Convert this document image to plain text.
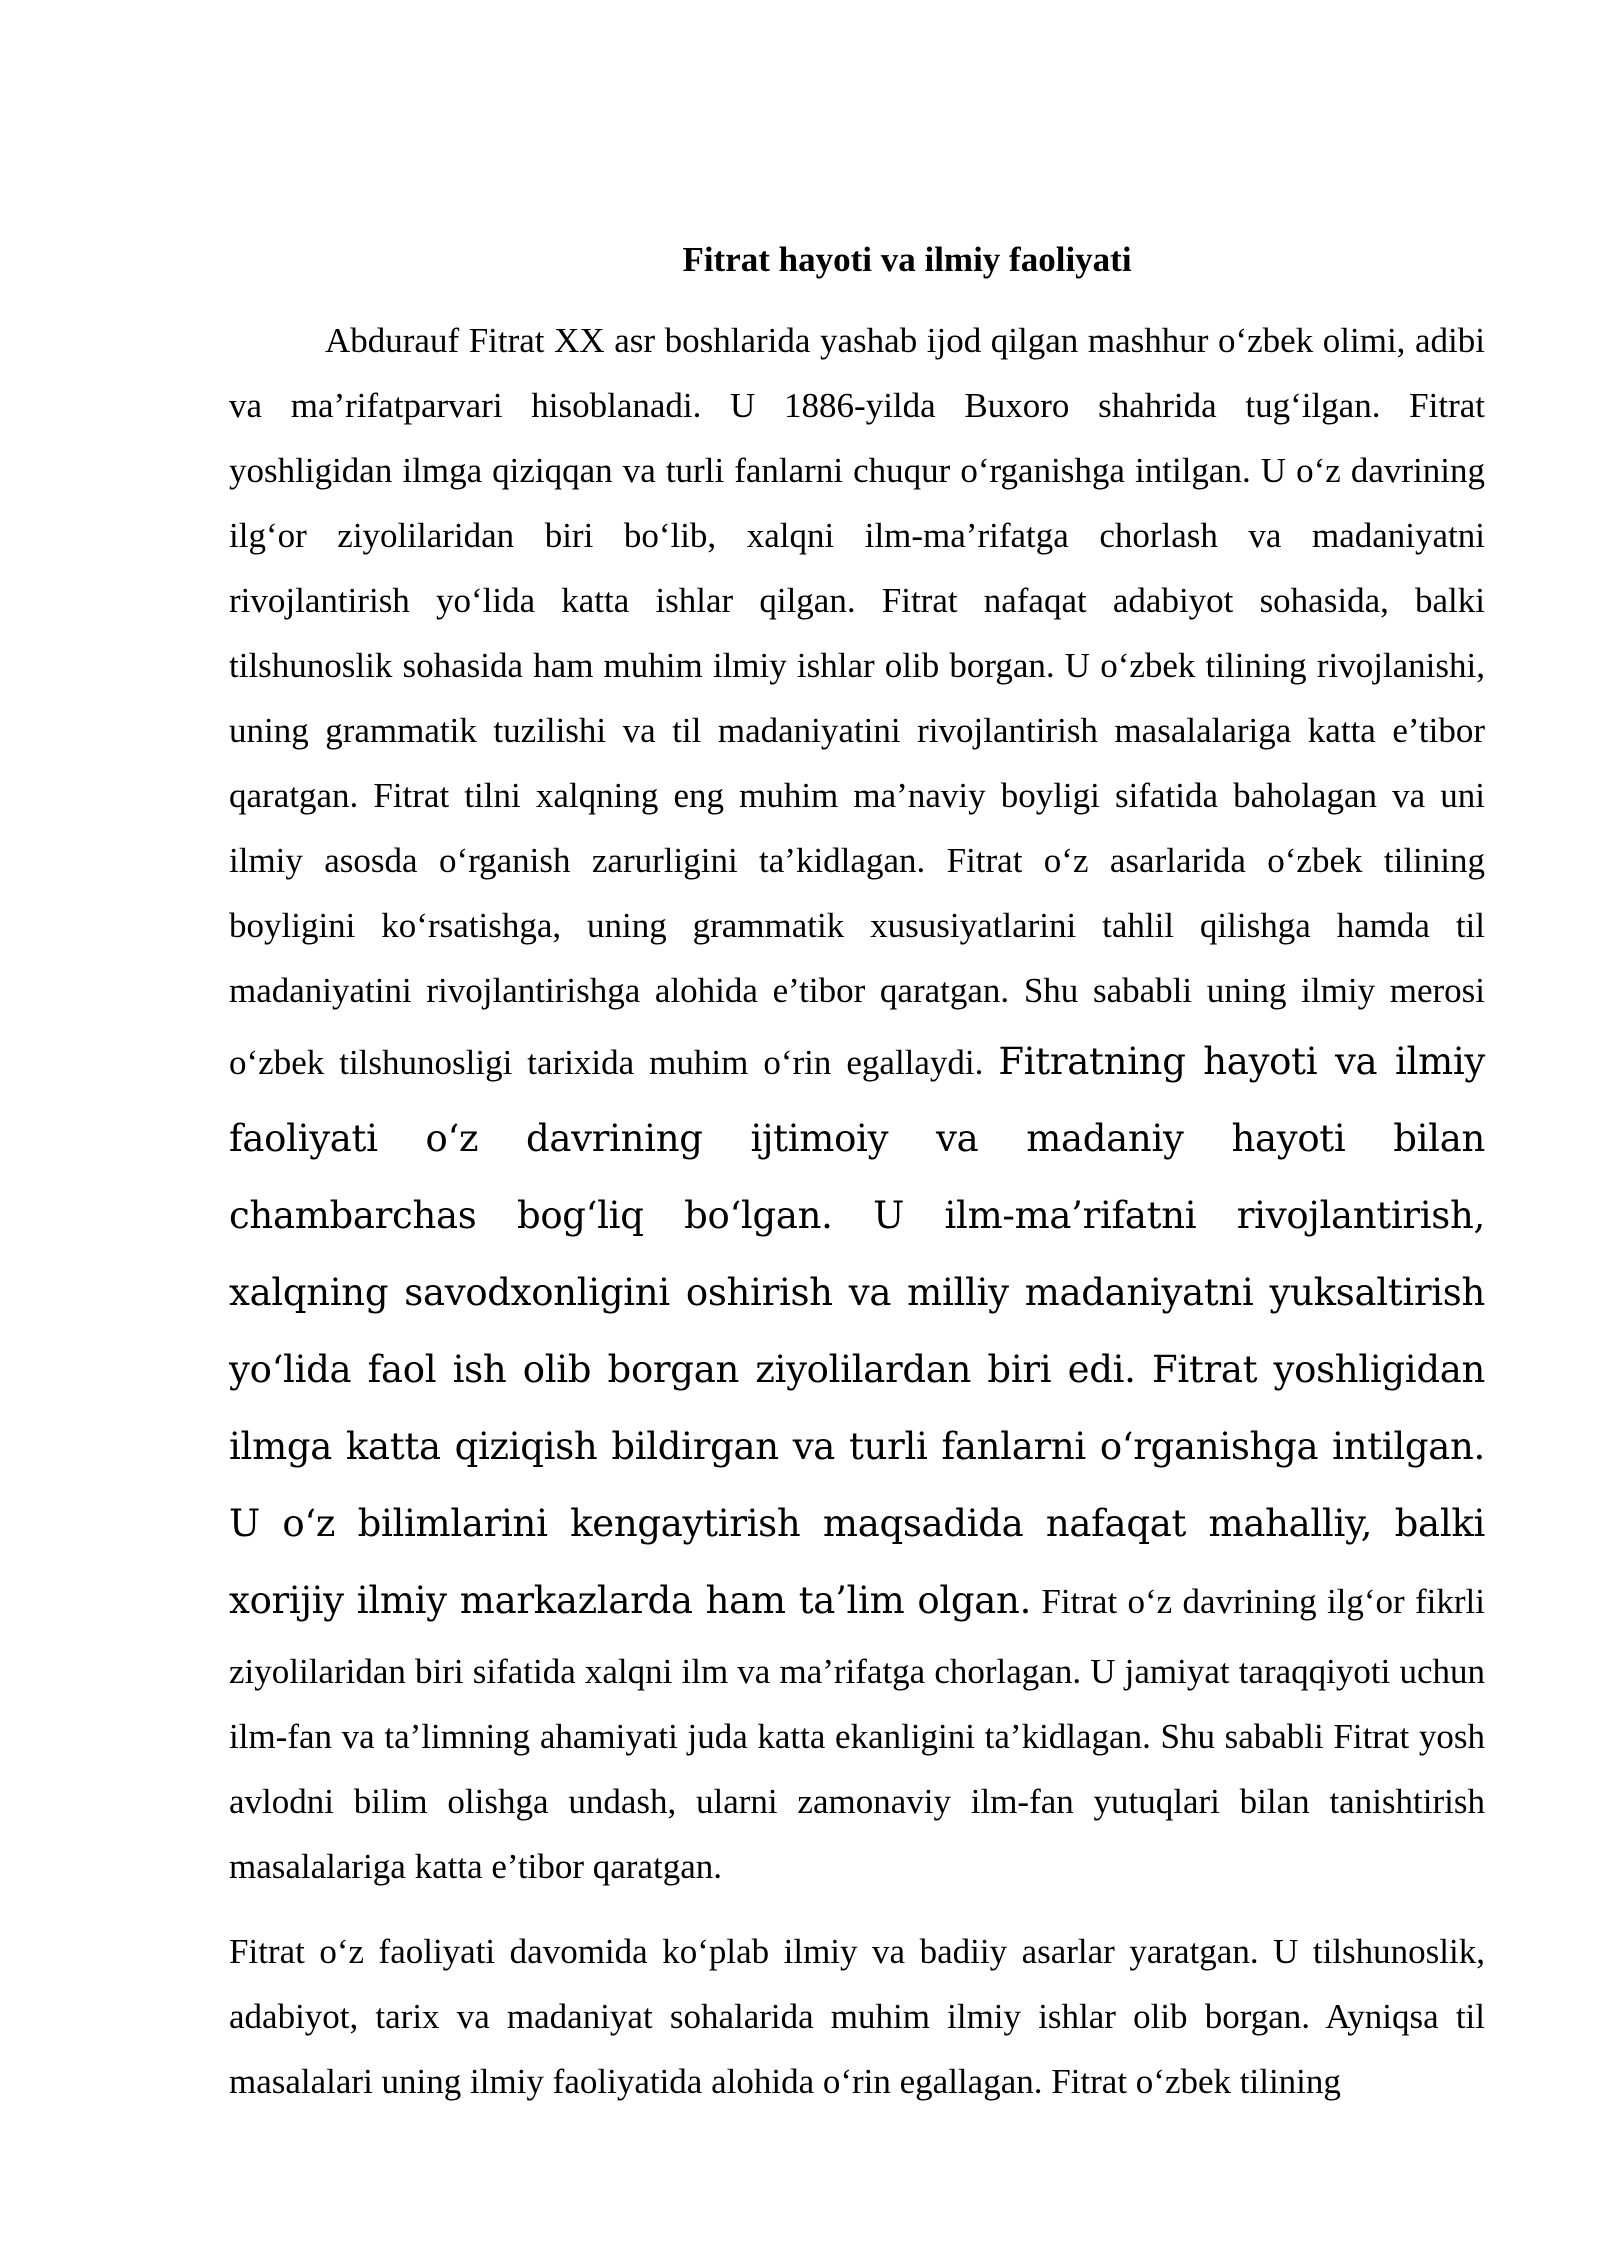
Fitrat hayoti va ilmiy faoliyati

Abdurauf Fitrat XX asr boshlarida yashab ijod qilgan mashhur o‘zbek olimi, adibi va ma’rifatparvari hisoblanadi. U 1886-yilda Buxoro shahrida tug‘ilgan. Fitrat yoshligidan ilmga qiziqqan va turli fanlarni chuqur o‘rganishga intilgan. U o‘z davrining ilg‘or ziyolilaridan biri bo‘lib, xalqni ilm-ma’rifatga chorlash va madaniyatni rivojlantirish yo‘lida katta ishlar qilgan. Fitrat nafaqat adabiyot sohasida, balki tilshunoslik sohasida ham muhim ilmiy ishlar olib borgan. U o‘zbek tilining rivojlanishi, uning grammatik tuzilishi va til madaniyatini rivojlantirish masalalariga katta e’tibor qaratgan. Fitrat tilni xalqning eng muhim ma’naviy boyligi sifatida baholagan va uni ilmiy asosda o‘rganish zarurligini ta’kidlagan. Fitrat o‘z asarlarida o‘zbek tilining boyligini ko‘rsatishga, uning grammatik xususiyatlarini tahlil qilishga hamda til madaniyatini rivojlantirishga alohida e’tibor qaratgan. Shu sababli uning ilmiy merosi o‘zbek tilshunosligi tarixida muhim o‘rin egallaydi. Fitratning hayoti va ilmiy faoliyati o‘z davrining ijtimoiy va madaniy hayoti bilan chambarchas bog‘liq bo‘lgan. U ilm-ma’rifatni rivojlantirish, xalqning savodxonligini oshirish va milliy madaniyatni yuksaltirish yo‘lida faol ish olib borgan ziyolilardan biri edi. Fitrat yoshligidan ilmga katta qiziqish bildirgan va turli fanlarni o‘rganishga intilgan. U o‘z bilimlarini kengaytirish maqsadida nafaqat mahalliy, balki xorijiy ilmiy markazlarda ham ta’lim olgan. Fitrat o‘z davrining ilg‘or fikrli ziyolilaridan biri sifatida xalqni ilm va ma’rifatga chorlagan. U jamiyat taraqqiyoti uchun ilm-fan va ta’limning ahamiyati juda katta ekanligini ta’kidlagan. Shu sababli Fitrat yosh avlodni bilim olishga undash, ularni zamonaviy ilm-fan yutuqlari bilan tanishtirish masalalariga katta e’tibor qaratgan.

Fitrat o‘z faoliyati davomida ko‘plab ilmiy va badiiy asarlar yaratgan. U tilshunoslik, adabiyot, tarix va madaniyat sohalarida muhim ilmiy ishlar olib borgan. Ayniqsa til masalalari uning ilmiy faoliyatida alohida o‘rin egallagan. Fitrat o‘zbek tilining
